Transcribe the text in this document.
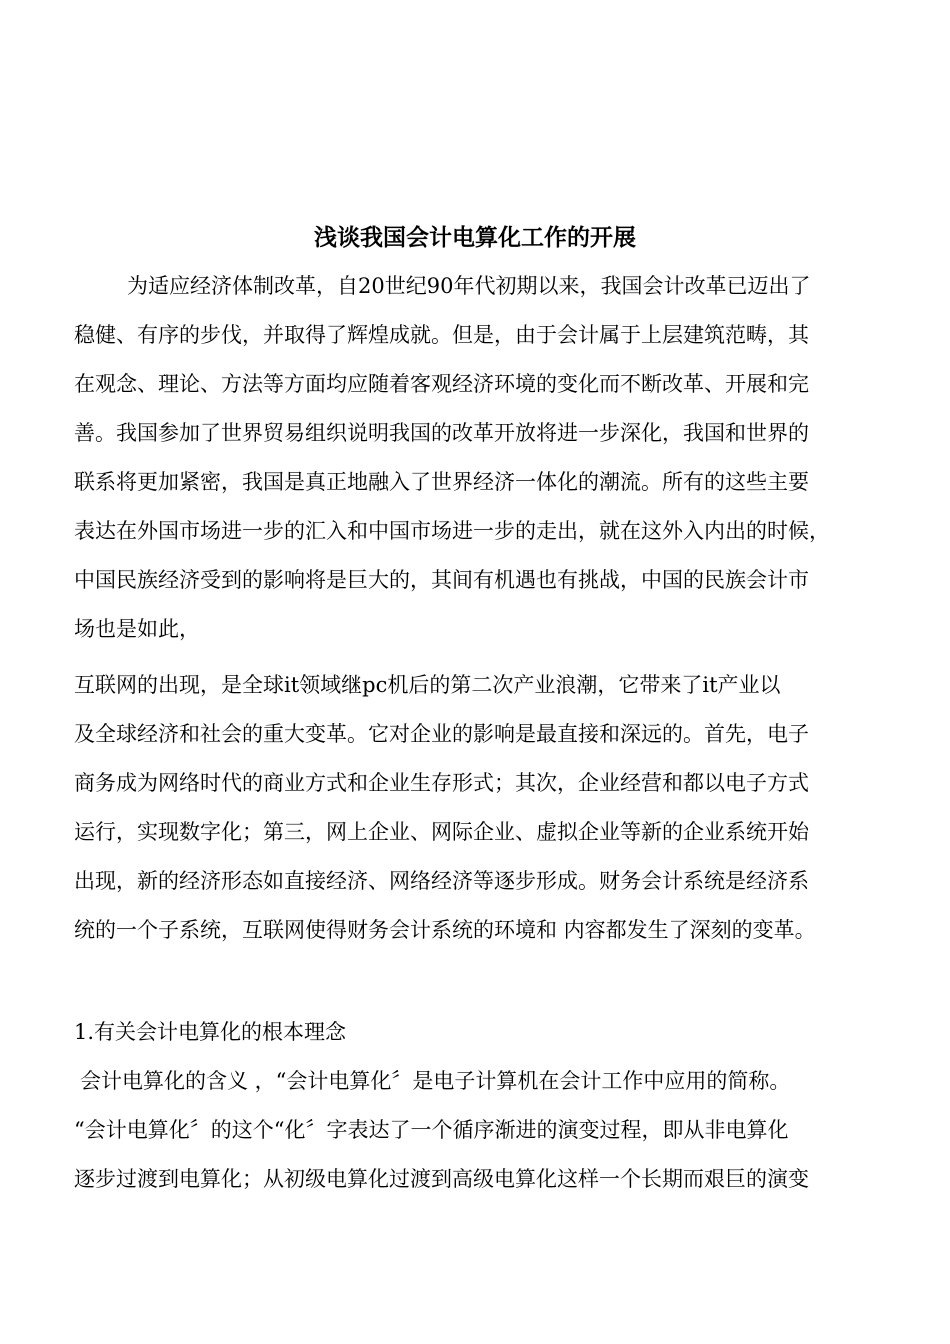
浅谈我国会计电算化工作的开展

为适应经济体制改革，自20世纪90年代初期以来，我国会计改革已迈出了

稳健、有序的步伐，并取得了辉煌成就。但是，由于会计属于上层建筑范畴，其

在观念、理论、方法等方面均应随着客观经济环境的变化而不断改革、开展和完

善。我国参加了世界贸易组织说明我国的改革开放将进一步深化，我国和世界的

联系将更加紧密，我国是真正地融入了世界经济一体化的潮流。所有的这些主要

表达在外国市场进一步的汇入和中国市场进一步的走出，就在这外入内出的时候，

中国民族经济受到的影响将是巨大的，其间有机遇也有挑战，中国的民族会计市

场也是如此，

互联网的出现，是全球it领域继pc机后的第二次产业浪潮，它带来了it产业以

及全球经济和社会的重大变革。它对企业的影响是最直接和深远的。首先，电子

商务成为网络时代的商业方式和企业生存形式；其次，企业经营和都以电子方式

运行，实现数字化；第三，网上企业、网际企业、虚拟企业等新的企业系统开始

出现，新的经济形态如直接经济、网络经济等逐步形成。财务会计系统是经济系

统的一个子系统，互联网使得财务会计系统的环境和 内容都发生了深刻的变革。

1.有关会计电算化的根本理念

会计电算化的含义 ，“会计电算化〞是电子计算机在会计工作中应用的简称。

“会计电算化〞的这个“化〞字表达了一个循序渐进的演变过程，即从非电算化

逐步过渡到电算化；从初级电算化过渡到高级电算化这样一个长期而艰巨的演变
